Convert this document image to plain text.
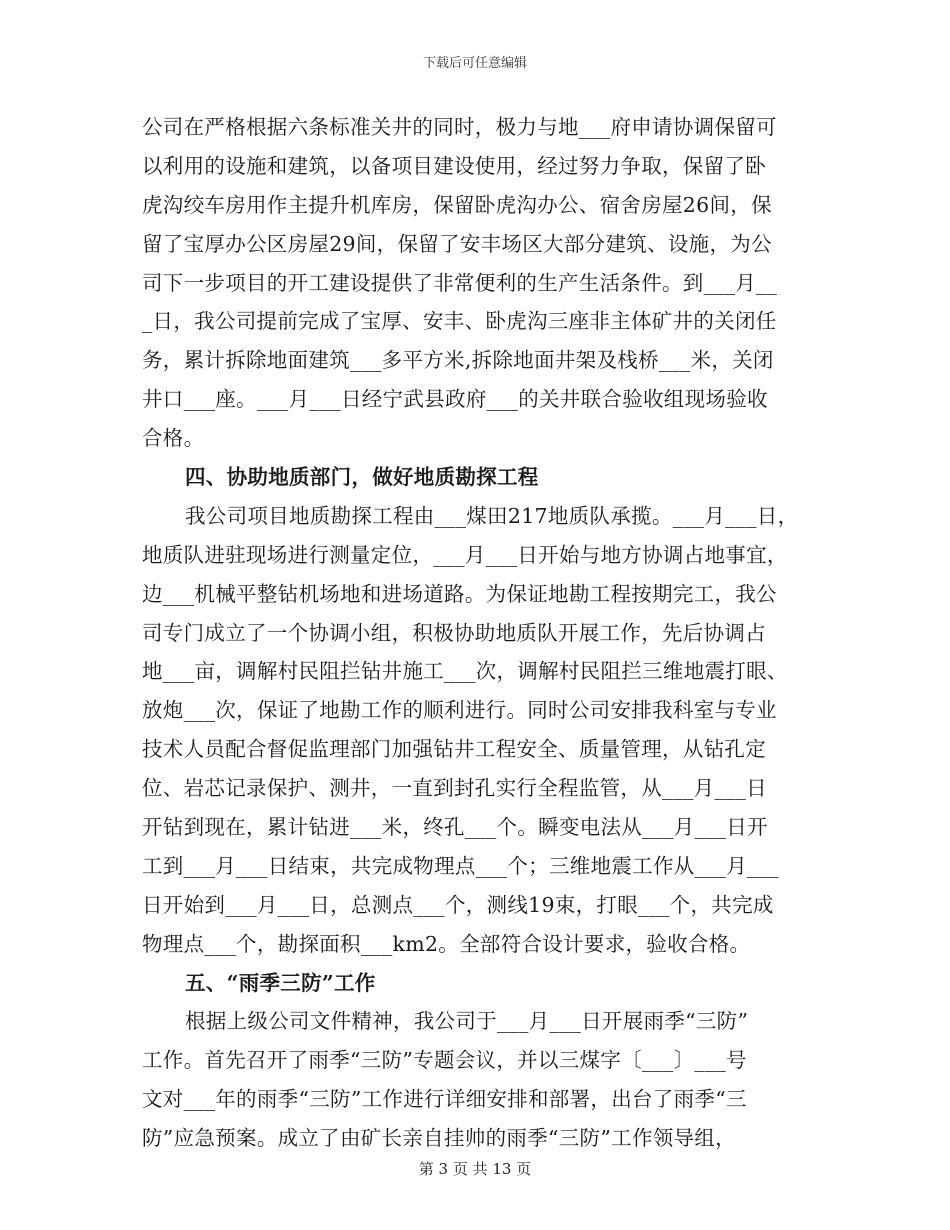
下载后可任意编辑
公司在严格根据六条标准关井的同时，极力与地___府申请协调保留可
以利用的设施和建筑，以备项目建设使用，经过努力争取，保留了卧
虎沟绞车房用作主提升机库房，保留卧虎沟办公、宿舍房屋26间，保
留了宝厚办公区房屋29间，保留了安丰场区大部分建筑、设施，为公
司下一步项目的开工建设提供了非常便利的生产生活条件。到___月__
_日，我公司提前完成了宝厚、安丰、卧虎沟三座非主体矿井的关闭任
务，累计拆除地面建筑___多平方米,拆除地面井架及栈桥___米，关闭
井口___座。___月___日经宁武县政府___的关井联合验收组现场验收
合格。
四、协助地质部门，做好地质勘探工程
我公司项目地质勘探工程由___煤田217地质队承揽。___月___日，
地质队进驻现场进行测量定位，___月___日开始与地方协调占地事宜，
边___机械平整钻机场地和进场道路。为保证地勘工程按期完工，我公
司专门成立了一个协调小组，积极协助地质队开展工作，先后协调占
地___亩，调解村民阻拦钻井施工___次，调解村民阻拦三维地震打眼、
放炮___次，保证了地勘工作的顺利进行。同时公司安排我科室与专业
技术人员配合督促监理部门加强钻井工程安全、质量管理，从钻孔定
位、岩芯记录保护、测井，一直到封孔实行全程监管，从___月___日
开钻到现在，累计钻进___米，终孔___个。瞬变电法从___月___日开
工到___月___日结束，共完成物理点___个；三维地震工作从___月___
日开始到___月___日，总测点___个，测线19束，打眼___个，共完成
物理点___个，勘探面积___km2。全部符合设计要求，验收合格。
五、“雨季三防”工作
根据上级公司文件精神，我公司于___月___日开展雨季“三防”
工作。首先召开了雨季“三防”专题会议，并以三煤字〔___〕___号
文对___年的雨季“三防”工作进行详细安排和部署，出台了雨季“三
防”应急预案。成立了由矿长亲自挂帅的雨季“三防”工作领导组，
第 3 页 共 13 页
